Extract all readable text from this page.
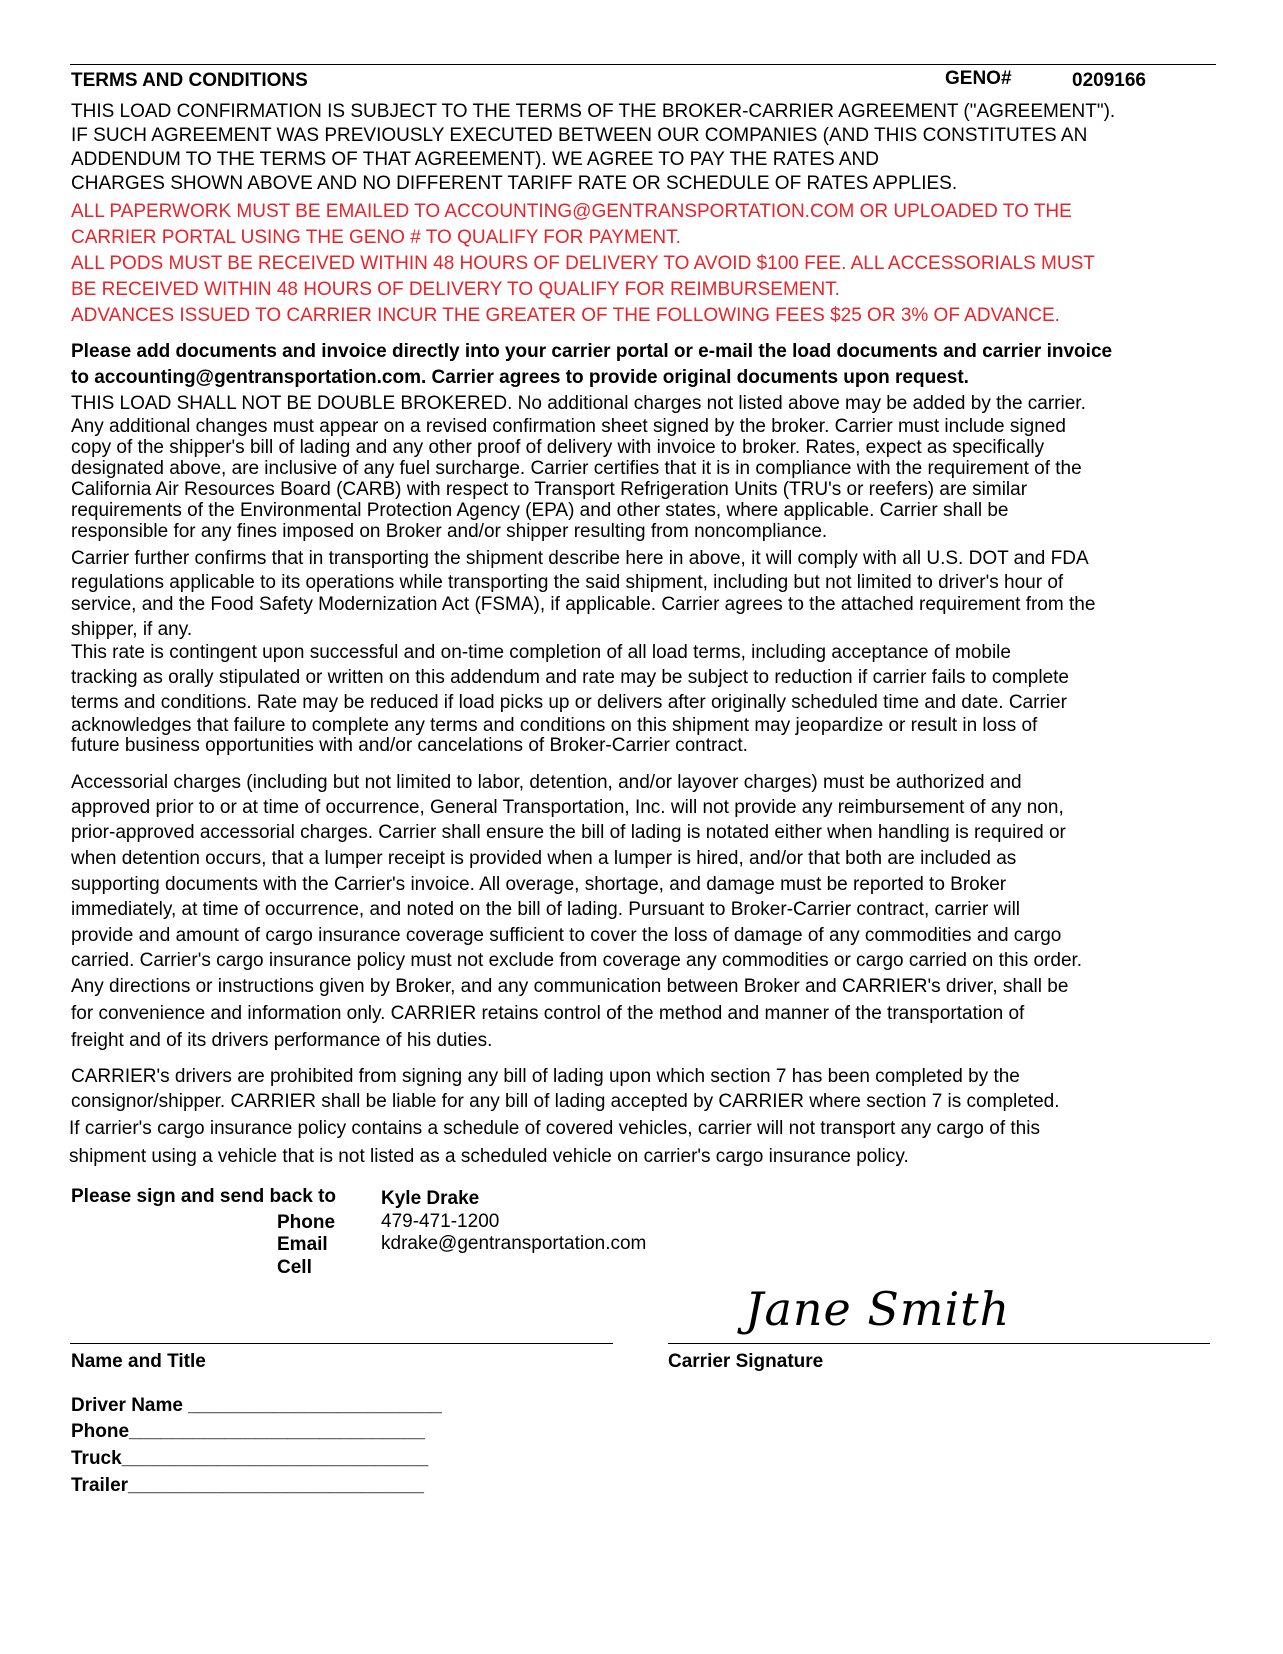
TERMS AND CONDITIONS	GENO#	0209166
THIS LOAD CONFIRMATION IS SUBJECT TO THE TERMS OF THE BROKER-CARRIER AGREEMENT ("AGREEMENT").
IF SUCH AGREEMENT WAS PREVIOUSLY EXECUTED BETWEEN OUR COMPANIES (AND THIS CONSTITUTES AN
ADDENDUM TO THE TERMS OF THAT AGREEMENT). WE AGREE TO PAY THE RATES AND
CHARGES SHOWN ABOVE AND NO DIFFERENT TARIFF RATE OR SCHEDULE OF RATES APPLIES.
ALL PAPERWORK MUST BE EMAILED TO ACCOUNTING@GENTRANSPORTATION.COM OR UPLOADED TO THE
CARRIER PORTAL USING THE GENO # TO QUALIFY FOR PAYMENT.
ALL PODS MUST BE RECEIVED WITHIN 48 HOURS OF DELIVERY TO AVOID $100 FEE. ALL ACCESSORIALS MUST
BE RECEIVED WITHIN 48 HOURS OF DELIVERY TO QUALIFY FOR REIMBURSEMENT.
ADVANCES ISSUED TO CARRIER INCUR THE GREATER OF THE FOLLOWING FEES $25 OR 3% OF ADVANCE.
Please add documents and invoice directly into your carrier portal or e-mail the load documents and carrier invoice
to accounting@gentransportation.com. Carrier agrees to provide original documents upon request.
THIS LOAD SHALL NOT BE DOUBLE BROKERED. No additional charges not listed above may be added by the carrier.
Any additional changes must appear on a revised confirmation sheet signed by the broker. Carrier must include signed
copy of the shipper's bill of lading and any other proof of delivery with invoice to broker. Rates, expect as specifically
designated above, are inclusive of any fuel surcharge. Carrier certifies that it is in compliance with the requirement of the
California Air Resources Board (CARB) with respect to Transport Refrigeration Units (TRU's or reefers) are similar
requirements of the Environmental Protection Agency (EPA) and other states, where applicable. Carrier shall be
responsible for any fines imposed on Broker and/or shipper resulting from noncompliance.
Carrier further confirms that in transporting the shipment describe here in above, it will comply with all U.S. DOT and FDA
regulations applicable to its operations while transporting the said shipment, including but not limited to driver's hour of
service, and the Food Safety Modernization Act (FSMA), if applicable. Carrier agrees to the attached requirement from the
shipper, if any.
This rate is contingent upon successful and on-time completion of all load terms, including acceptance of mobile
tracking as orally stipulated or written on this addendum and rate may be subject to reduction if carrier fails to complete
terms and conditions. Rate may be reduced if load picks up or delivers after originally scheduled time and date. Carrier
acknowledges that failure to complete any terms and conditions on this shipment may jeopardize or result in loss of
future business opportunities with and/or cancelations of Broker-Carrier contract.
Accessorial charges (including but not limited to labor, detention, and/or layover charges) must be authorized and
approved prior to or at time of occurrence, General Transportation, Inc. will not provide any reimbursement of any non,
prior-approved accessorial charges. Carrier shall ensure the bill of lading is notated either when handling is required or
when detention occurs, that a lumper receipt is provided when a lumper is hired, and/or that both are included as
supporting documents with the Carrier's invoice. All overage, shortage, and damage must be reported to Broker
immediately, at time of occurrence, and noted on the bill of lading. Pursuant to Broker-Carrier contract, carrier will
provide and amount of cargo insurance coverage sufficient to cover the loss of damage of any commodities and cargo
carried. Carrier's cargo insurance policy must not exclude from coverage any commodities or cargo carried on this order.
Any directions or instructions given by Broker, and any communication between Broker and CARRIER's driver, shall be
for convenience and information only. CARRIER retains control of the method and manner of the transportation of
freight and of its drivers performance of his duties.
CARRIER's drivers are prohibited from signing any bill of lading upon which section 7 has been completed by the
consignor/shipper. CARRIER shall be liable for any bill of lading accepted by CARRIER where section 7 is completed.
If carrier's cargo insurance policy contains a schedule of covered vehicles, carrier will not transport any cargo of this
shipment using a vehicle that is not listed as a scheduled vehicle on carrier's cargo insurance policy.
Please sign and send back to Kyle Drake
Phone 479-471-1200
Email	kdrake@gentransportation.com
Cell
Jane Smith
Name and Title	Carrier Signature
Driver Name ________________________
Phone____________________________
Truck_____________________________
Trailer____________________________
